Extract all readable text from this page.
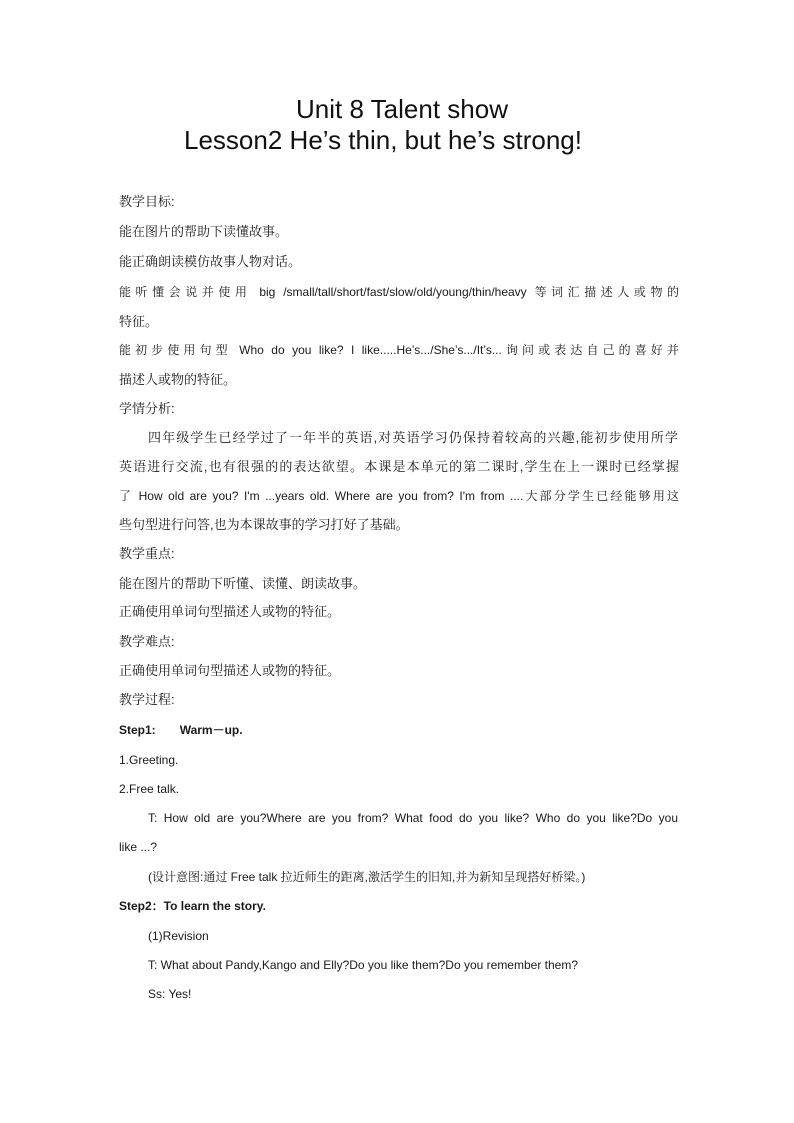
Unit 8 Talent show
Lesson2 He’s thin, but he’s strong!
教学目标:
能在图片的帮助下读懂故事。
能正确朗读模仿故事人物对话。
能听懂会说并使用 big /small/tall/short/fast/slow/old/young/thin/heavy 等词汇描述人或物的
特征。
能初步使用句型 Who do you like? I like.....He’s.../She’s.../It’s...询问或表达自己的喜好并
描述人或物的特征。
学情分析:
四年级学生已经学过了一年半的英语,对英语学习仍保持着较高的兴趣,能初步使用所学
英语进行交流,也有很强的的表达欲望。本课是本单元的第二课时,学生在上一课时已经掌握
了 How old are you? I'm ...years old. Where are you from? I'm from ....大部分学生已经能够用这
些句型进行问答,也为本课故事的学习打好了基础。
教学重点:
能在图片的帮助下听懂、读懂、朗读故事。
正确使用单词句型描述人或物的特征。
教学难点:
正确使用单词句型描述人或物的特征。
教学过程:
Step1: Warm－up.
1.Greeting.
2.Free talk.
T: How old are you?Where are you from? What food do you like? Who do you like?Do you
like ...?
(设计意图:通过 Free talk 拉近师生的距离,激活学生的旧知,并为新知呈现搭好桥梁。)
Step2：To learn the story.
(1)Revision
T: What about Pandy,Kango and Elly?Do you like them?Do you remember them?
Ss: Yes!
